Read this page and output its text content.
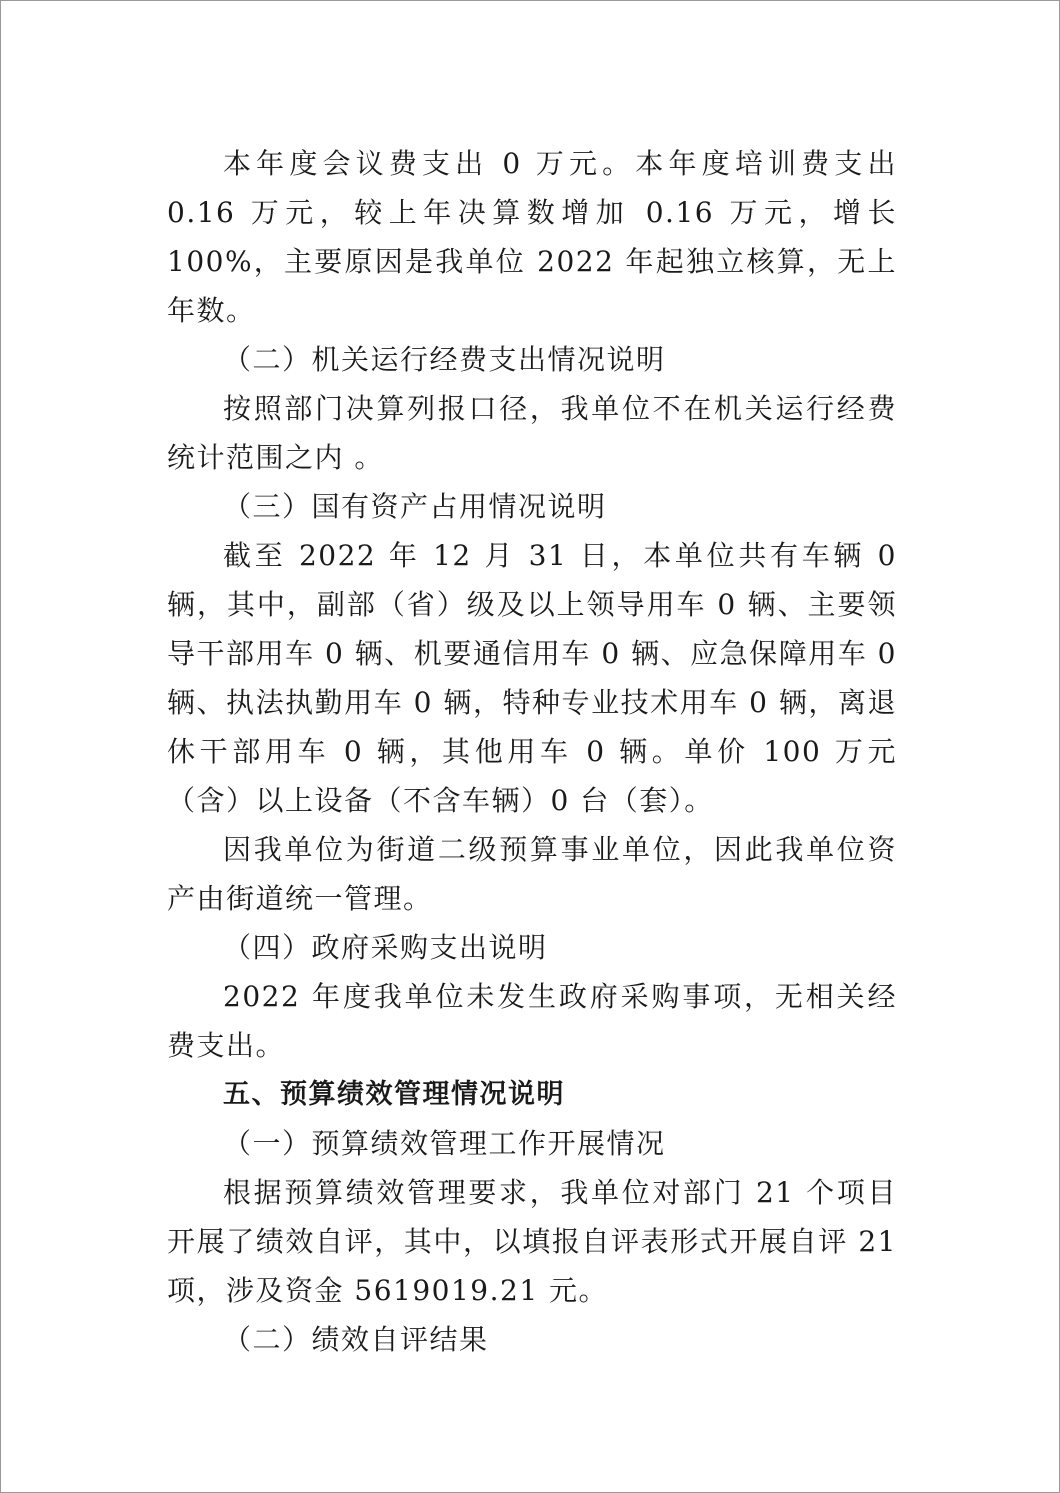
本年度会议费支出 0 万元。本年度培训费支出 0.16 万元，较上年决算数增加 0.16 万元，增长 100%，主要原因是我单位 2022 年起独立核算，无上年数。

（二）机关运行经费支出情况说明

按照部门决算列报口径，我单位不在机关运行经费统计范围之内 。

（三）国有资产占用情况说明

截至 2022 年 12 月 31 日，本单位共有车辆 0 辆，其中，副部（省）级及以上领导用车 0 辆、主要领导干部用车 0 辆、机要通信用车 0 辆、应急保障用车 0 辆、执法执勤用车 0 辆，特种专业技术用车 0 辆，离退休干部用车 0 辆，其他用车 0 辆。单价 100 万元（含）以上设备（不含车辆）0 台（套）。

因我单位为街道二级预算事业单位，因此我单位资产由街道统一管理。

（四）政府采购支出说明

2022 年度我单位未发生政府采购事项，无相关经费支出。

五、预算绩效管理情况说明

（一）预算绩效管理工作开展情况

根据预算绩效管理要求，我单位对部门 21 个项目开展了绩效自评，其中，以填报自评表形式开展自评 21 项，涉及资金 5619019.21 元。

（二）绩效自评结果
